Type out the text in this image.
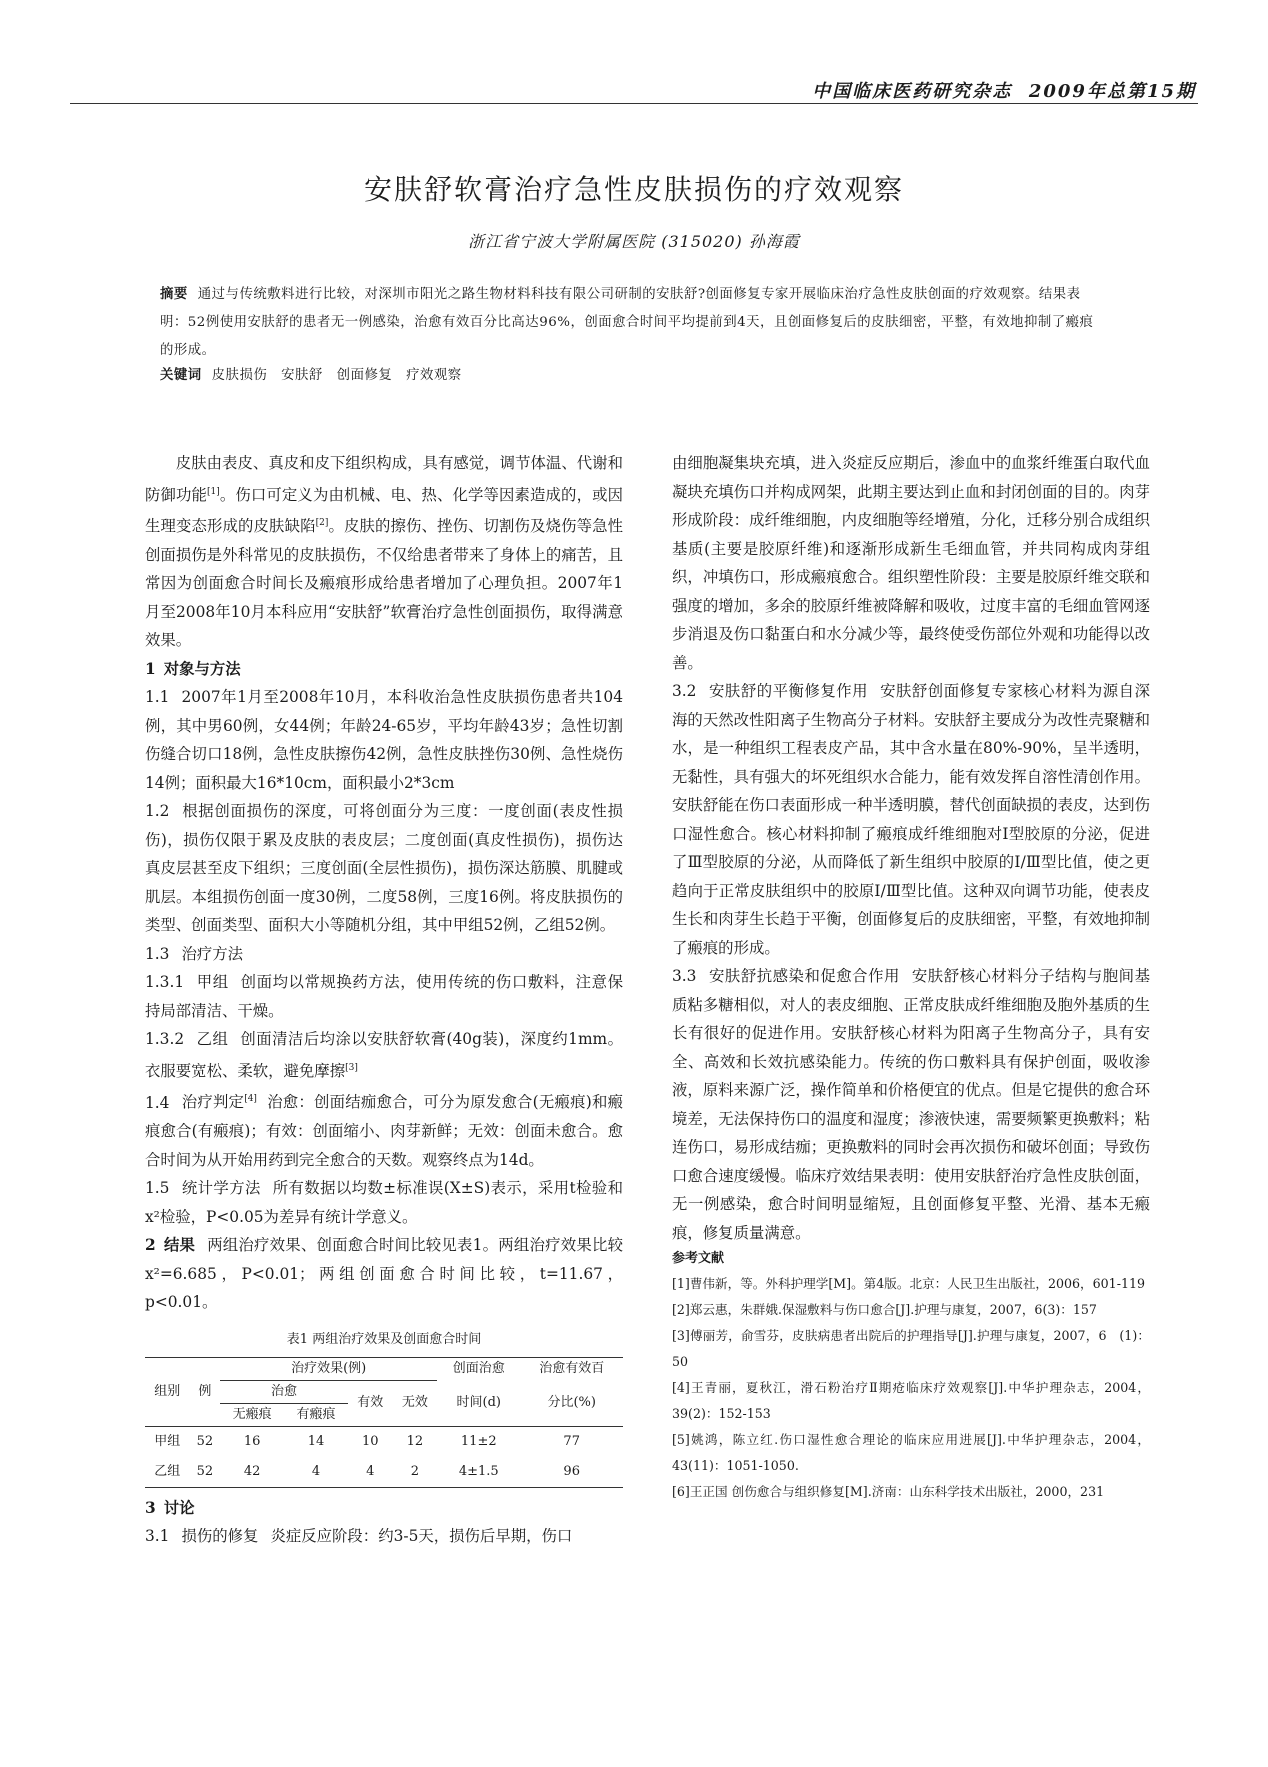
中国临床医药研究杂志 2009年总第15期
安肤舒软膏治疗急性皮肤损伤的疗效观察
浙江省宁波大学附属医院 (315020) 孙海霞
摘要 通过与传统敷料进行比较，对深圳市阳光之路生物材料科技有限公司研制的安肤舒?创面修复专家开展临床治疗急性皮肤创面的疗效观察。结果表明：52例使用安肤舒的患者无一例感染，治愈有效百分比高达96%，创面愈合时间平均提前到4天，且创面修复后的皮肤细密，平整，有效地抑制了瘢痕的形成。
关键词 皮肤损伤　安肤舒　创面修复　疗效观察

皮肤由表皮、真皮和皮下组织构成，具有感觉，调节体温、代谢和防御功能[1]。伤口可定义为由机械、电、热、化学等因素造成的，或因生理变态形成的皮肤缺陷[2]。皮肤的擦伤、挫伤、切割伤及烧伤等急性创面损伤是外科常见的皮肤损伤，不仅给患者带来了身体上的痛苦，且常因为创面愈合时间长及瘢痕形成给患者增加了心理负担。2007年1月至2008年10月本科应用“安肤舒”软膏治疗急性创面损伤，取得满意效果。

1 对象与方法

1.1 2007年1月至2008年10月，本科收治急性皮肤损伤患者共104例，其中男60例，女44例；年龄24-65岁，平均年龄43岁；急性切割伤缝合切口18例，急性皮肤擦伤42例，急性皮肤挫伤30例、急性烧伤14例；面积最大16*10cm，面积最小2*3cm

1.2 根据创面损伤的深度，可将创面分为三度：一度创面(表皮性损伤)，损伤仅限于累及皮肤的表皮层；二度创面(真皮性损伤)，损伤达真皮层甚至皮下组织；三度创面(全层性损伤)，损伤深达筋膜、肌腱或肌层。本组损伤创面一度30例，二度58例，三度16例。将皮肤损伤的类型、创面类型、面积大小等随机分组，其中甲组52例，乙组52例。

1.3 治疗方法

1.3.1 甲组 创面均以常规换药方法，使用传统的伤口敷料，注意保持局部清洁、干燥。

1.3.2 乙组 创面清洁后均涂以安肤舒软膏(40g装)，深度约1mm。衣服要宽松、柔软，避免摩擦[3]

1.4 治疗判定[4] 治愈：创面结痂愈合，可分为原发愈合(无瘢痕)和瘢痕愈合(有瘢痕)；有效：创面缩小、肉芽新鲜；无效：创面未愈合。愈合时间为从开始用药到完全愈合的天数。观察终点为14d。

1.5 统计学方法 所有数据以均数±标准误(X±S)表示，采用t检验和x²检验，P<0.05为差异有统计学意义。

2 结果 两组治疗效果、创面愈合时间比较见表1。两组治疗效果比较x²=6.685，P<0.01；两组创面愈合时间比较，t=11.67，p<0.01。

表1 两组治疗效果及创面愈合时间
组别	例	治疗效果(例)				创面治愈	治愈有效百
		治愈		有效	无效	时间(d)	分比(%)
		无瘢痕	有瘢痕				
甲组	52	16	14	10	12	11±2	77
乙组	52	42	4	4	2	4±1.5	96
3 讨论

3.1 损伤的修复 炎症反应阶段：约3-5天，损伤后早期，伤口

由细胞凝集块充填，进入炎症反应期后，渗血中的血浆纤维蛋白取代血凝块充填伤口并构成网架，此期主要达到止血和封闭创面的目的。肉芽形成阶段：成纤维细胞，内皮细胞等经增殖，分化，迁移分别合成组织基质(主要是胶原纤维)和逐渐形成新生毛细血管，并共同构成肉芽组织，冲填伤口，形成瘢痕愈合。组织塑性阶段：主要是胶原纤维交联和强度的增加，多余的胶原纤维被降解和吸收，过度丰富的毛细血管网逐步消退及伤口黏蛋白和水分减少等，最终使受伤部位外观和功能得以改善。

3.2 安肤舒的平衡修复作用 安肤舒创面修复专家核心材料为源自深海的天然改性阳离子生物高分子材料。安肤舒主要成分为改性壳聚糖和水，是一种组织工程表皮产品，其中含水量在80%-90%，呈半透明，无黏性，具有强大的坏死组织水合能力，能有效发挥自溶性清创作用。安肤舒能在伤口表面形成一种半透明膜，替代创面缺损的表皮，达到伤口湿性愈合。核心材料抑制了瘢痕成纤维细胞对Ⅰ型胶原的分泌，促进了Ⅲ型胶原的分泌，从而降低了新生组织中胶原的Ⅰ/Ⅲ型比值，使之更趋向于正常皮肤组织中的胶原Ⅰ/Ⅲ型比值。这种双向调节功能，使表皮生长和肉芽生长趋于平衡，创面修复后的皮肤细密，平整，有效地抑制了瘢痕的形成。

3.3 安肤舒抗感染和促愈合作用 安肤舒核心材料分子结构与胞间基质粘多糖相似，对人的表皮细胞、正常皮肤成纤维细胞及胞外基质的生长有很好的促进作用。安肤舒核心材料为阳离子生物高分子，具有安全、高效和长效抗感染能力。传统的伤口敷料具有保护创面，吸收渗液，原料来源广泛，操作简单和价格便宜的优点。但是它提供的愈合环境差，无法保持伤口的温度和湿度；渗液快速，需要频繁更换敷料；粘连伤口，易形成结痂；更换敷料的同时会再次损伤和破坏创面；导致伤口愈合速度缓慢。临床疗效结果表明：使用安肤舒治疗急性皮肤创面，无一例感染，愈合时间明显缩短，且创面修复平整、光滑、基本无瘢痕，修复质量满意。

参考文献

[1]曹伟新，等。外科护理学[M]。第4版。北京：人民卫生出版社，2006，601-119

[2]郑云惠，朱群娥.保湿敷料与伤口愈合[J].护理与康复，2007，6(3)：157

[3]傅丽芳，俞雪芬，皮肤病患者出院后的护理指导[J].护理与康复，2007，6　(1)：50

[4]王青丽，夏秋江，滑石粉治疗Ⅱ期疮临床疗效观察[J].中华护理杂志，2004，39(2)：152-153

[5]姚鸿，陈立红.伤口湿性愈合理论的临床应用进展[J].中华护理杂志，2004，43(11)：1051-1050.

[6]王正国 创伤愈合与组织修复[M].济南：山东科学技术出版社，2000，231
